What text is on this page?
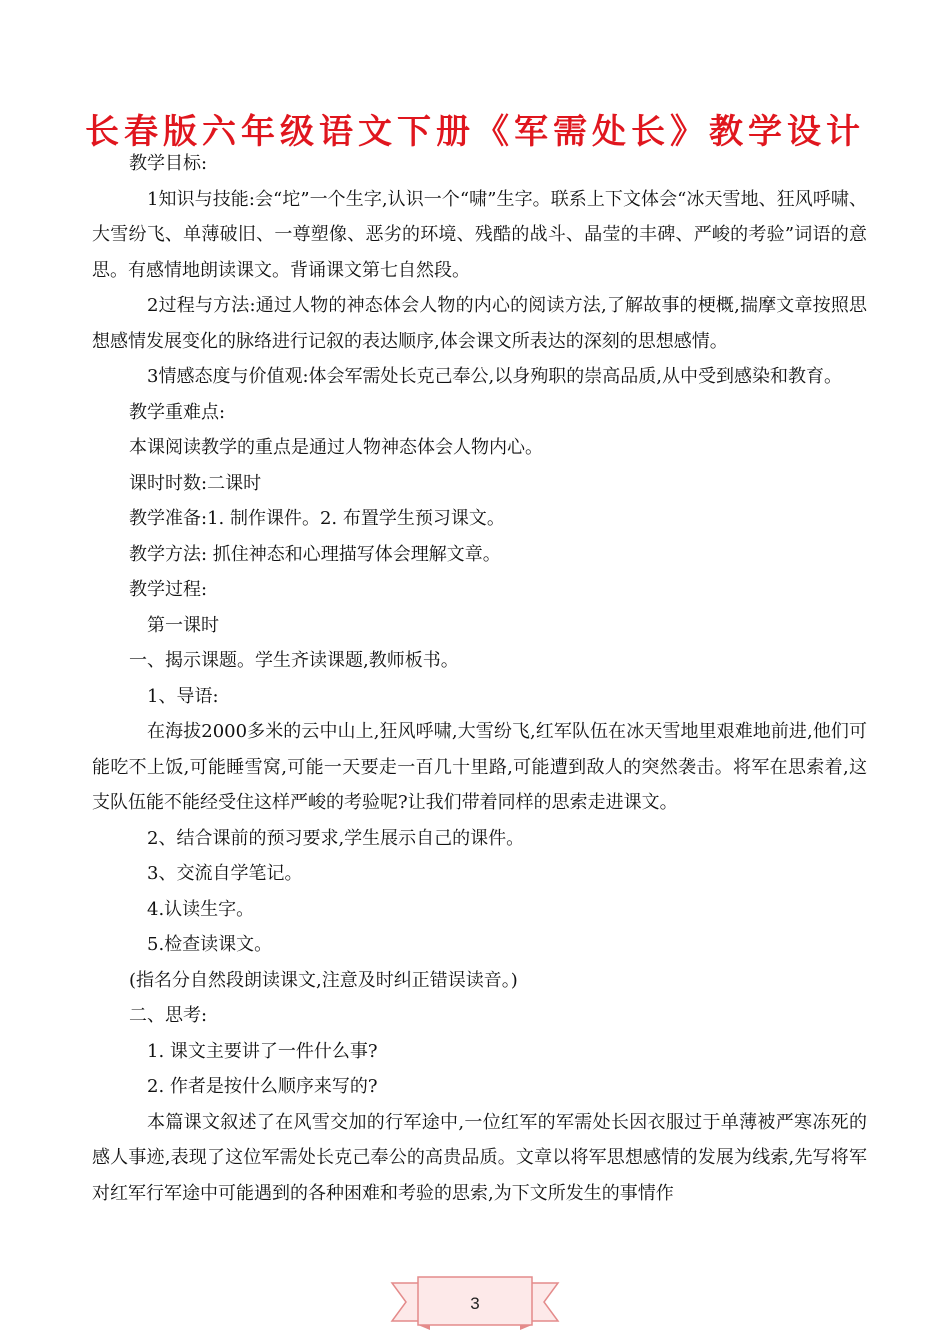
长春版六年级语文下册《军需处长》教学设计

教学目标:

1知识与技能:会“坨”一个生字,认识一个“啸”生字。联系上下文体会“冰天雪地、狂风呼啸、大雪纷飞、单薄破旧、一尊塑像、恶劣的环境、残酷的战斗、晶莹的丰碑、严峻的考验”词语的意思。有感情地朗读课文。背诵课文第七自然段。

2过程与方法:通过人物的神态体会人物的内心的阅读方法,了解故事的梗概,揣摩文章按照思想感情发展变化的脉络进行记叙的表达顺序,体会课文所表达的深刻的思想感情。

3情感态度与价值观:体会军需处长克己奉公,以身殉职的崇高品质,从中受到感染和教育。

教学重难点:

本课阅读教学的重点是通过人物神态体会人物内心。

课时时数:二课时

教学准备:1. 制作课件。2. 布置学生预习课文。

教学方法: 抓住神态和心理描写体会理解文章。

教学过程:

第一课时

一、揭示课题。学生齐读课题,教师板书。

1、导语:

在海拔2000多米的云中山上,狂风呼啸,大雪纷飞,红军队伍在冰天雪地里艰难地前进,他们可能吃不上饭,可能睡雪窝,可能一天要走一百几十里路,可能遭到敌人的突然袭击。将军在思索着,这支队伍能不能经受住这样严峻的考验呢?让我们带着同样的思索走进课文。

2、结合课前的预习要求,学生展示自己的课件。

3、交流自学笔记。

4.认读生字。

5.检查读课文。

(指名分自然段朗读课文,注意及时纠正错误读音。)

二、思考:

1. 课文主要讲了一件什么事?

2. 作者是按什么顺序来写的?

本篇课文叙述了在风雪交加的行军途中,一位红军的军需处长因衣服过于单薄被严寒冻死的感人事迹,表现了这位军需处长克己奉公的高贵品质。文章以将军思想感情的发展为线索,先写将军对红军行军途中可能遇到的各种困难和考验的思索,为下文所发生的事情作

3
